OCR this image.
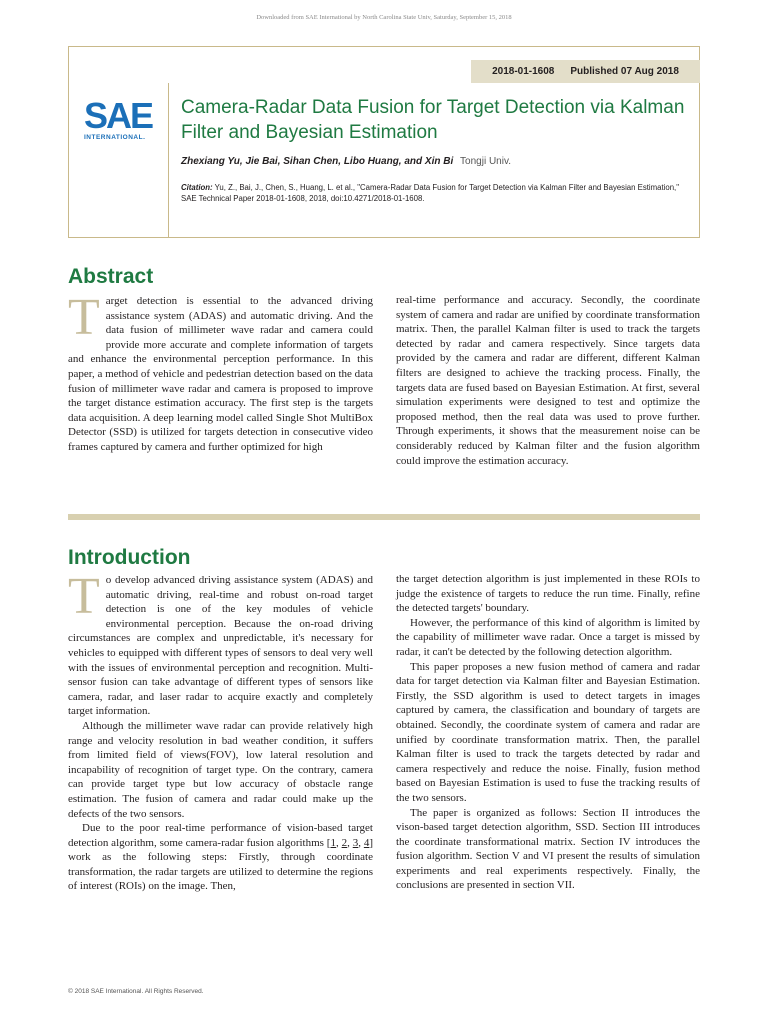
Downloaded from SAE International by North Carolina State Univ, Saturday, September 15, 2018
2018-01-1608 Published 07 Aug 2018
SAE
INTERNATIONAL.
Camera-Radar Data Fusion for Target Detection via Kalman Filter and Bayesian Estimation
Zhexiang Yu, Jie Bai, Sihan Chen, Libo Huang, and Xin Bi Tongji Univ.
Citation: Yu, Z., Bai, J., Chen, S., Huang, L. et al., "Camera-Radar Data Fusion for Target Detection via Kalman Filter and Bayesian Estimation," SAE Technical Paper 2018-01-1608, 2018, doi:10.4271/2018-01-1608.
Abstract
T arget detection is essential to the advanced driving assistance system (ADAS) and automatic driving. And the data fusion of millimeter wave radar and camera could provide more accurate and complete information of targets and enhance the environmental perception performance. In this paper, a method of vehicle and pedestrian detection based on the data fusion of millimeter wave radar and camera is proposed to improve the target distance estimation accuracy. The first step is the targets data acquisition. A deep learning model called Single Shot MultiBox Detector (SSD) is utilized for targets detection in consecutive video frames captured by camera and further optimized for high
real-time performance and accuracy. Secondly, the coordinate system of camera and radar are unified by coordinate transformation matrix. Then, the parallel Kalman filter is used to track the targets detected by radar and camera respectively. Since targets data provided by the camera and radar are different, different Kalman filters are designed to achieve the tracking process. Finally, the targets data are fused based on Bayesian Estimation. At first, several simulation experiments were designed to test and optimize the proposed method, then the real data was used to prove further. Through experiments, it shows that the measurement noise can be considerably reduced by Kalman filter and the fusion algorithm could improve the estimation accuracy.
Introduction

T o develop advanced driving assistance system (ADAS) and automatic driving, real-time and robust on-road target detection is one of the key modules of vehicle environmental perception. Because the on-road driving circumstances are complex and unpredictable, it's necessary for vehicles to equipped with different types of sensors to deal very well with the issues of environmental perception and recognition. Multi-sensor fusion can take advantage of different types of sensors like camera, radar, and laser radar to acquire exactly and completely target information.

Although the millimeter wave radar can provide relatively high range and velocity resolution in bad weather condition, it suffers from limited field of views(FOV), low lateral resolution and incapability of recognition of target type. On the contrary, camera can provide target type but low accuracy of obstacle range estimation. The fusion of camera and radar could make up the defects of the two sensors.

Due to the poor real-time performance of vision-based target detection algorithm, some camera-radar fusion algorithms [1, 2, 3, 4] work as the following steps: Firstly, through coordinate transformation, the radar targets are utilized to determine the regions of interest (ROIs) on the image. Then,

the target detection algorithm is just implemented in these ROIs to judge the existence of targets to reduce the run time. Finally, refine the detected targets' boundary.

However, the performance of this kind of algorithm is limited by the capability of millimeter wave radar. Once a target is missed by radar, it can't be detected by the following detection algorithm.

This paper proposes a new fusion method of camera and radar data for target detection via Kalman filter and Bayesian Estimation. Firstly, the SSD algorithm is used to detect targets in images captured by camera, the classification and boundary of targets are obtained. Secondly, the coordinate system of camera and radar are unified by coordinate transformation matrix. Then, the parallel Kalman filter is used to track the targets detected by radar and camera respectively and reduce the noise. Finally, fusion method based on Bayesian Estimation is used to fuse the tracking results of the two sensors.

The paper is organized as follows: Section II introduces the vison-based target detection algorithm, SSD. Section III introduces the coordinate transformational matrix. Section IV introduces the fusion algorithm. Section V and VI present the results of simulation experiments and real experiments respectively. Finally, the conclusions are presented in section VII.

© 2018 SAE International. All Rights Reserved.
